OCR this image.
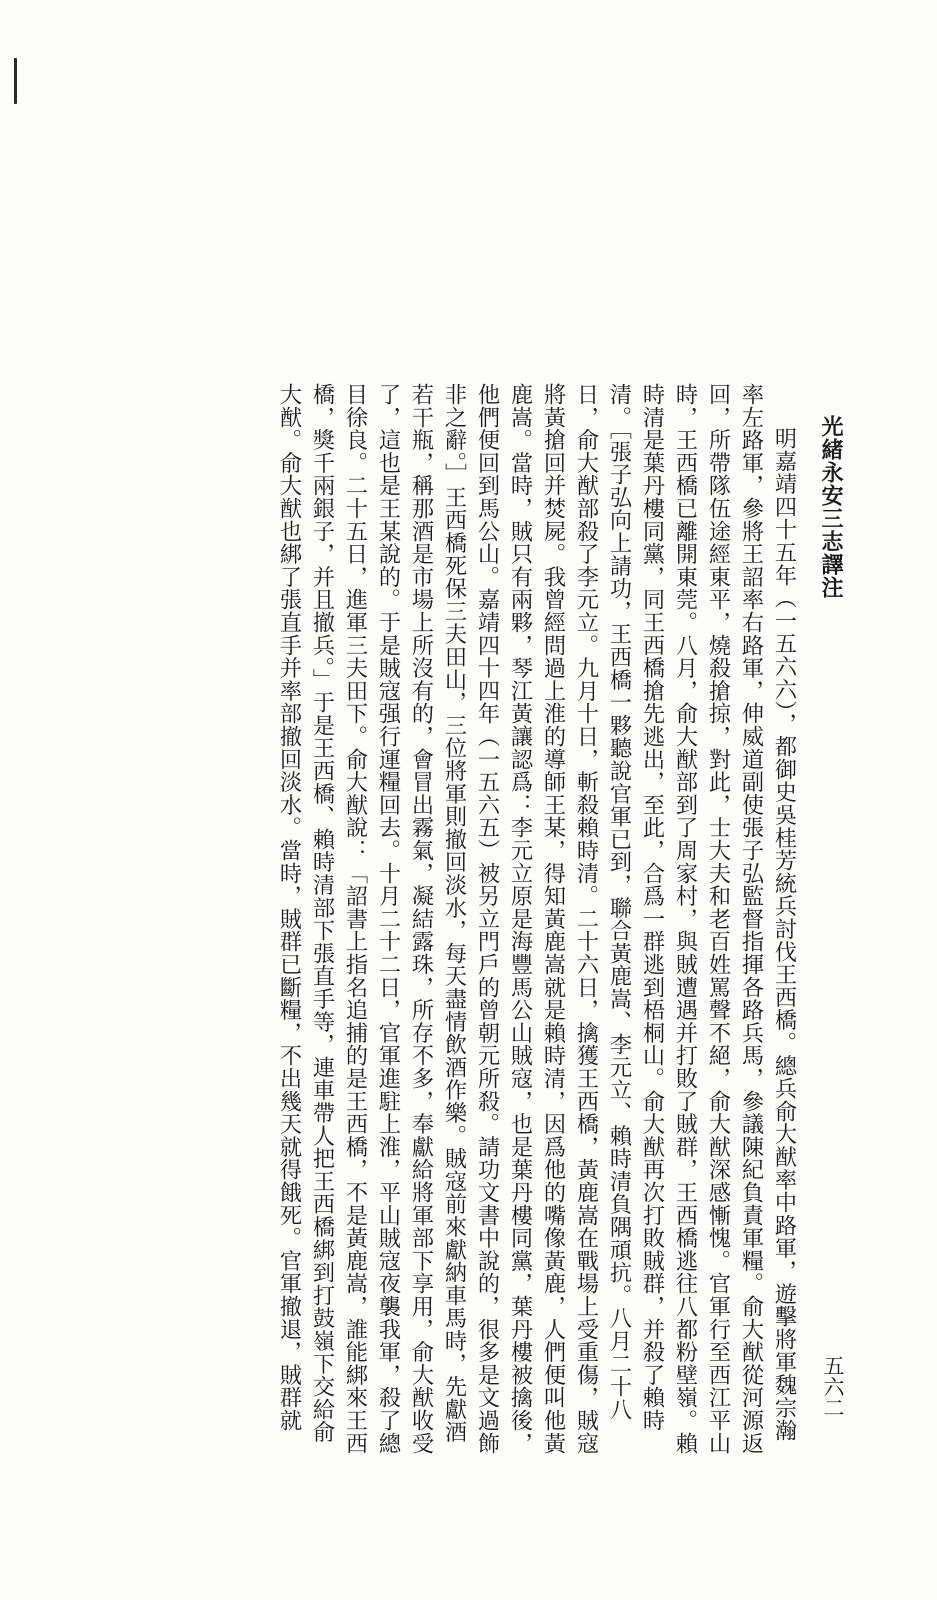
光緒永安三志譯注
五六二

明嘉靖四十五年（一五六六），都御史吳桂芳統兵討伐王西橋。總兵俞大猷率中路軍，遊擊將軍魏宗瀚率左路軍，參將王詔率右路軍，伸威道副使張子弘監督指揮各路兵馬，參議陳紀負責軍糧。俞大猷從河源返回，所帶隊伍途經東平，燒殺搶掠，對此，士大夫和老百姓罵聲不絕，俞大猷深感慚愧。官軍行至西江平山時，王西橋已離開東莞。八月，俞大猷部到了周家村，與賊遭遇并打敗了賊群，王西橋逃往八都粉壁嶺。賴時清是葉丹樓同黨，同王西橋搶先逃出，至此，合爲一群逃到梧桐山。俞大猷再次打敗賊群，并殺了賴時清。［張子弘向上請功，王西橋一夥聽說官軍已到，聯合黃鹿嵩、李元立、賴時清負隅頑抗。八月二十八日，俞大猷部殺了李元立。九月十日，斬殺賴時清。二十六日，擒獲王西橋，黃鹿嵩在戰場上受重傷，賊寇將黃搶回并焚屍。我曾經問過上淮的導師王某，得知黃鹿嵩就是賴時清，因爲他的嘴像黃鹿，人們便叫他黃鹿嵩。當時，賊只有兩夥，琴江黃讓認爲：李元立原是海豐馬公山賊寇，也是葉丹樓同黨，葉丹樓被擒後，他們便回到馬公山。嘉靖四十四年（一五六五）被另立門戶的曾朝元所殺。請功文書中說的，很多是文過飾非之辭。］王西橋死保三夫田山，三位將軍則撤回淡水，每天盡情飲酒作樂。賊寇前來獻納車馬時，先獻酒若干瓶，稱那酒是市場上所沒有的，會冒出霧氣，凝結露珠，所存不多，奉獻給將軍部下享用，俞大猷收受了，這也是王某說的。于是賊寇强行運糧回去。十月二十二日，官軍進駐上淮，平山賊寇夜襲我軍，殺了總目徐良。二十五日，進軍三夫田下。俞大猷說：「詔書上指名追捕的是王西橋，不是黃鹿嵩，誰能綁來王西橋，獎千兩銀子，并且撤兵。」于是王西橋、賴時清部下張直手等，連車帶人把王西橋綁到打鼓嶺下交給俞大猷。俞大猷也綁了張直手并率部撤回淡水。當時，賊群已斷糧，不出幾天就得餓死。官軍撤退，賊群就
